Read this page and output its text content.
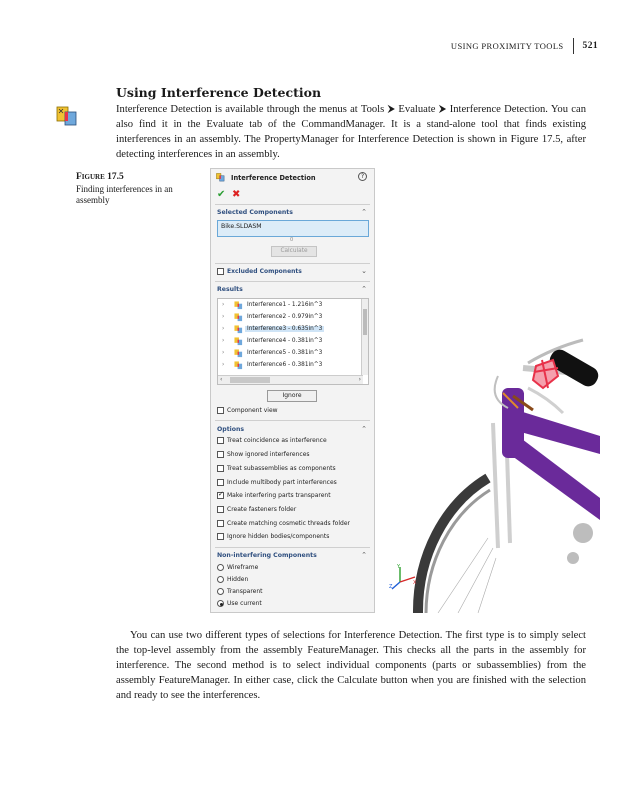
USING PROXIMITY TOOLS 521
Using Interference Detection

Interference Detection is available through the menus at Tools ⮞ Evaluate ⮞ Interference Detection. You can also find it in the Evaluate tab of the CommandManager. It is a stand-alone tool that finds existing interferences in an assembly. The PropertyManager for Interference Detection is shown in Figure 17.5, after detecting interferences in an assembly.

Figure 17.5
Finding interferences in an assembly
Interference Detection	?
✔ ✖
Selected Components	⌃
Bike.SLDASM
0
Calculate
Excluded Components	⌄
Results	⌃
›	Interference1 - 1.216in^3
›	Interference2 - 0.979in^3
›	Interference3 - 0.635in^3
›	Interference4 - 0.381in^3
›	Interference5 - 0.381in^3
›	Interference6 - 0.381in^3
‹	›
Ignore
Component view
Options	⌃
Treat coincidence as interference
Show ignored interferences
Treat subassemblies as components
Include multibody part interferences
✓
Make interfering parts transparent
Create fasteners folder
Create matching cosmetic threads folder
Ignore hidden bodies/components
Non-interfering Components	⌃
Wireframe
Hidden
Transparent
Use current
Y
X
Z

You can use two different types of selections for Interference Detection. The first type is to simply select the top-level assembly from the assembly FeatureManager. This checks all the parts in the assembly for interference. The second method is to select individual components (parts or subassemblies) from the assembly FeatureManager. In either case, click the Calculate button when you are finished with the selection and ready to see the interferences.
